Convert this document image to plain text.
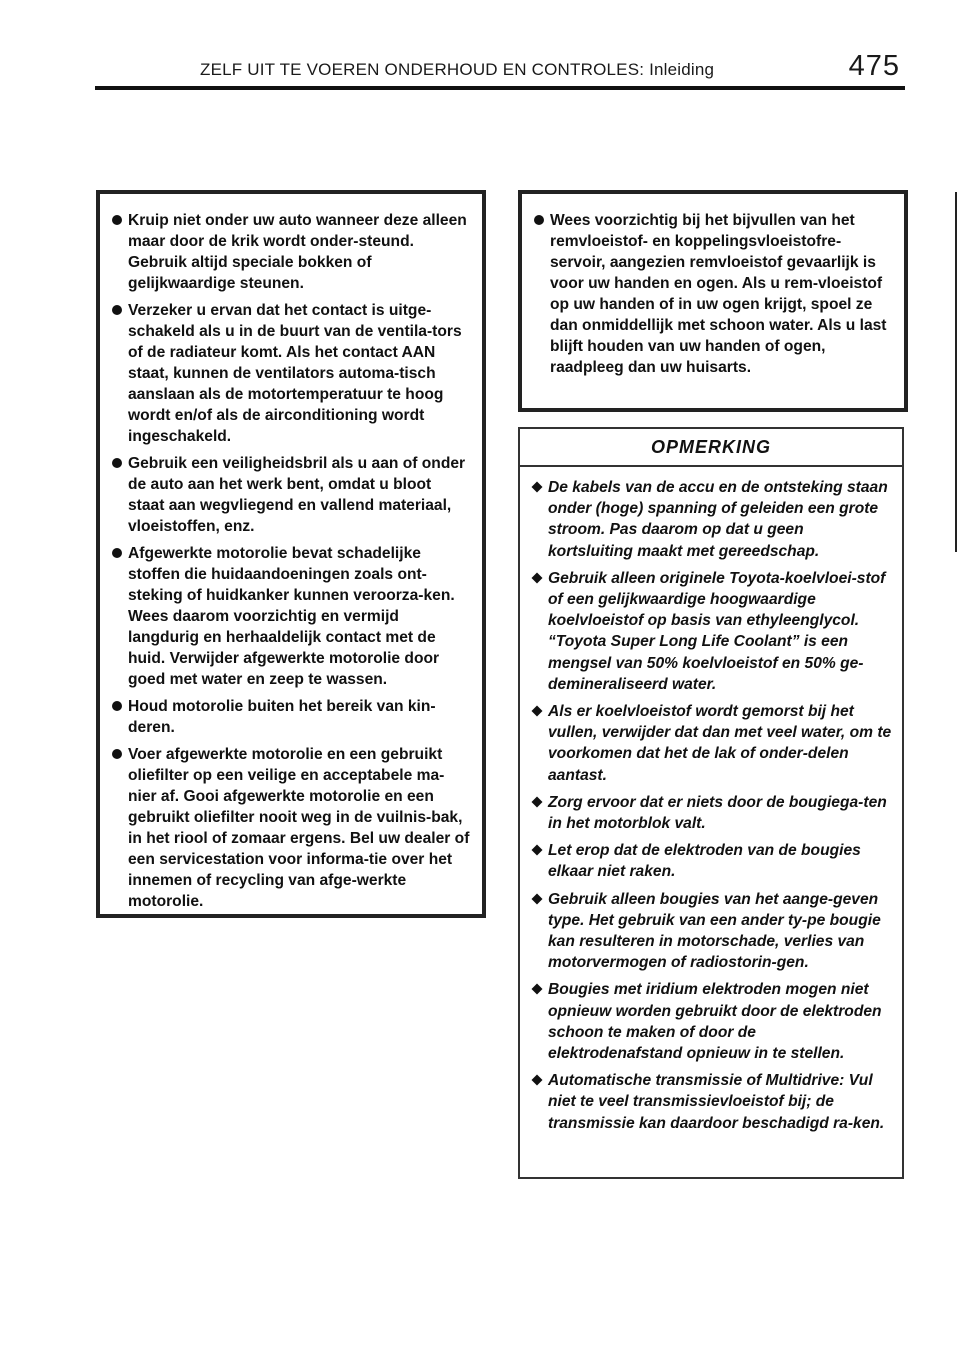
ZELF UIT TE VOEREN ONDERHOUD EN CONTROLES: Inleiding	475
Kruip niet onder uw auto wanneer deze alleen maar door de krik wordt onder-steund. Gebruik altijd speciale bokken of gelijkwaardige steunen.
Verzeker u ervan dat het contact is uitge-schakeld als u in de buurt van de ventila-tors of de radiateur komt. Als het contact AAN staat, kunnen de ventilators automa-tisch aanslaan als de motortemperatuur te hoog wordt en/of als de airconditioning wordt ingeschakeld.
Gebruik een veiligheidsbril als u aan of onder de auto aan het werk bent, omdat u bloot staat aan wegvliegend en vallend materiaal, vloeistoffen, enz.
Afgewerkte motorolie bevat schadelijke stoffen die huidaandoeningen zoals ont-steking of huidkanker kunnen veroorza-ken. Wees daarom voorzichtig en vermijd langdurig en herhaaldelijk contact met de huid. Verwijder afgewerkte motorolie door goed met water en zeep te wassen.
Houd motorolie buiten het bereik van kin-deren.
Voer afgewerkte motorolie en een gebruikt oliefilter op een veilige en acceptabele ma-nier af. Gooi afgewerkte motorolie en een gebruikt oliefilter nooit weg in de vuilnis-bak, in het riool of zomaar ergens. Bel uw dealer of een servicestation voor informa-tie over het innemen of recycling van afge-werkte motorolie.
Wees voorzichtig bij het bijvullen van het remvloeistof- en koppelingsvloeistofre-servoir, aangezien remvloeistof gevaarlijk is voor uw handen en ogen. Als u rem-vloeistof op uw handen of in uw ogen krijgt, spoel ze dan onmiddellijk met schoon water. Als u last blijft houden van uw handen of ogen, raadpleeg dan uw huisarts.
OPMERKING
De kabels van de accu en de ontsteking staan onder (hoge) spanning of geleiden een grote stroom. Pas daarom op dat u geen kortsluiting maakt met gereedschap.
Gebruik alleen originele Toyota-koelvloei-stof of een gelijkwaardige hoogwaardige koelvloeistof op basis van ethyleenglycol. “Toyota Super Long Life Coolant” is een mengsel van 50% koelvloeistof en 50% ge-demineraliseerd water.
Als er koelvloeistof wordt gemorst bij het vullen, verwijder dat dan met veel water, om te voorkomen dat het de lak of onder-delen aantast.
Zorg ervoor dat er niets door de bougiega-ten in het motorblok valt.
Let erop dat de elektroden van de bougies elkaar niet raken.
Gebruik alleen bougies van het aange-geven type. Het gebruik van een ander ty-pe bougie kan resulteren in motorschade, verlies van motorvermogen of radiostorin-gen.
Bougies met iridium elektroden mogen niet opnieuw worden gebruikt door de elektroden schoon te maken of door de elektrodenafstand opnieuw in te stellen.
Automatische transmissie of Multidrive: Vul niet te veel transmissievloeistof bij; de transmissie kan daardoor beschadigd ra-ken.
